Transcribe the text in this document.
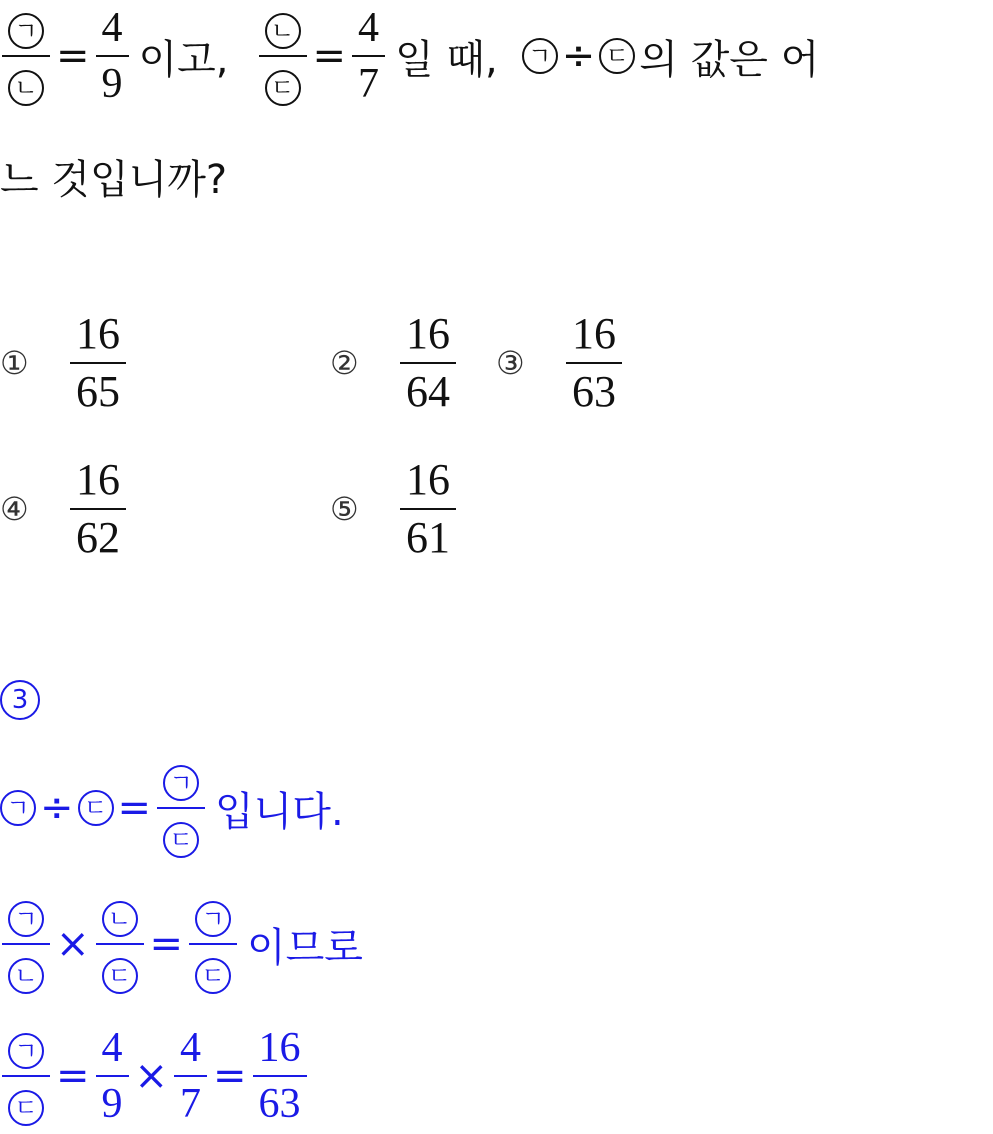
$\frac{\text{ㄱ}}{\text{ㄴ}} = \frac{4}{9}$ 이고, $\frac{\text{ㄴ}}{\text{ㄷ}} = \frac{4}{7}$ 일 때, ㄱ ÷ ㄷ 의 값은 어
느 것입니까?
① $\frac{16}{65}$	② $\frac{16}{64}$ ③ $\frac{16}{63}$
④ $\frac{16}{62}$	⑤ $\frac{16}{61}$
3
ㄱ ÷ ㄷ = $\frac{\text{ㄱ}}{\text{ㄷ}}$ 입니다.
$\frac{\text{ㄱ}}{\text{ㄴ}} \times \frac{\text{ㄴ}}{\text{ㄷ}} = \frac{\text{ㄱ}}{\text{ㄷ}}$ 이므로
$\frac{\text{ㄱ}}{\text{ㄷ}} = \frac{4}{9} \times \frac{4}{7} = \frac{16}{63}$
